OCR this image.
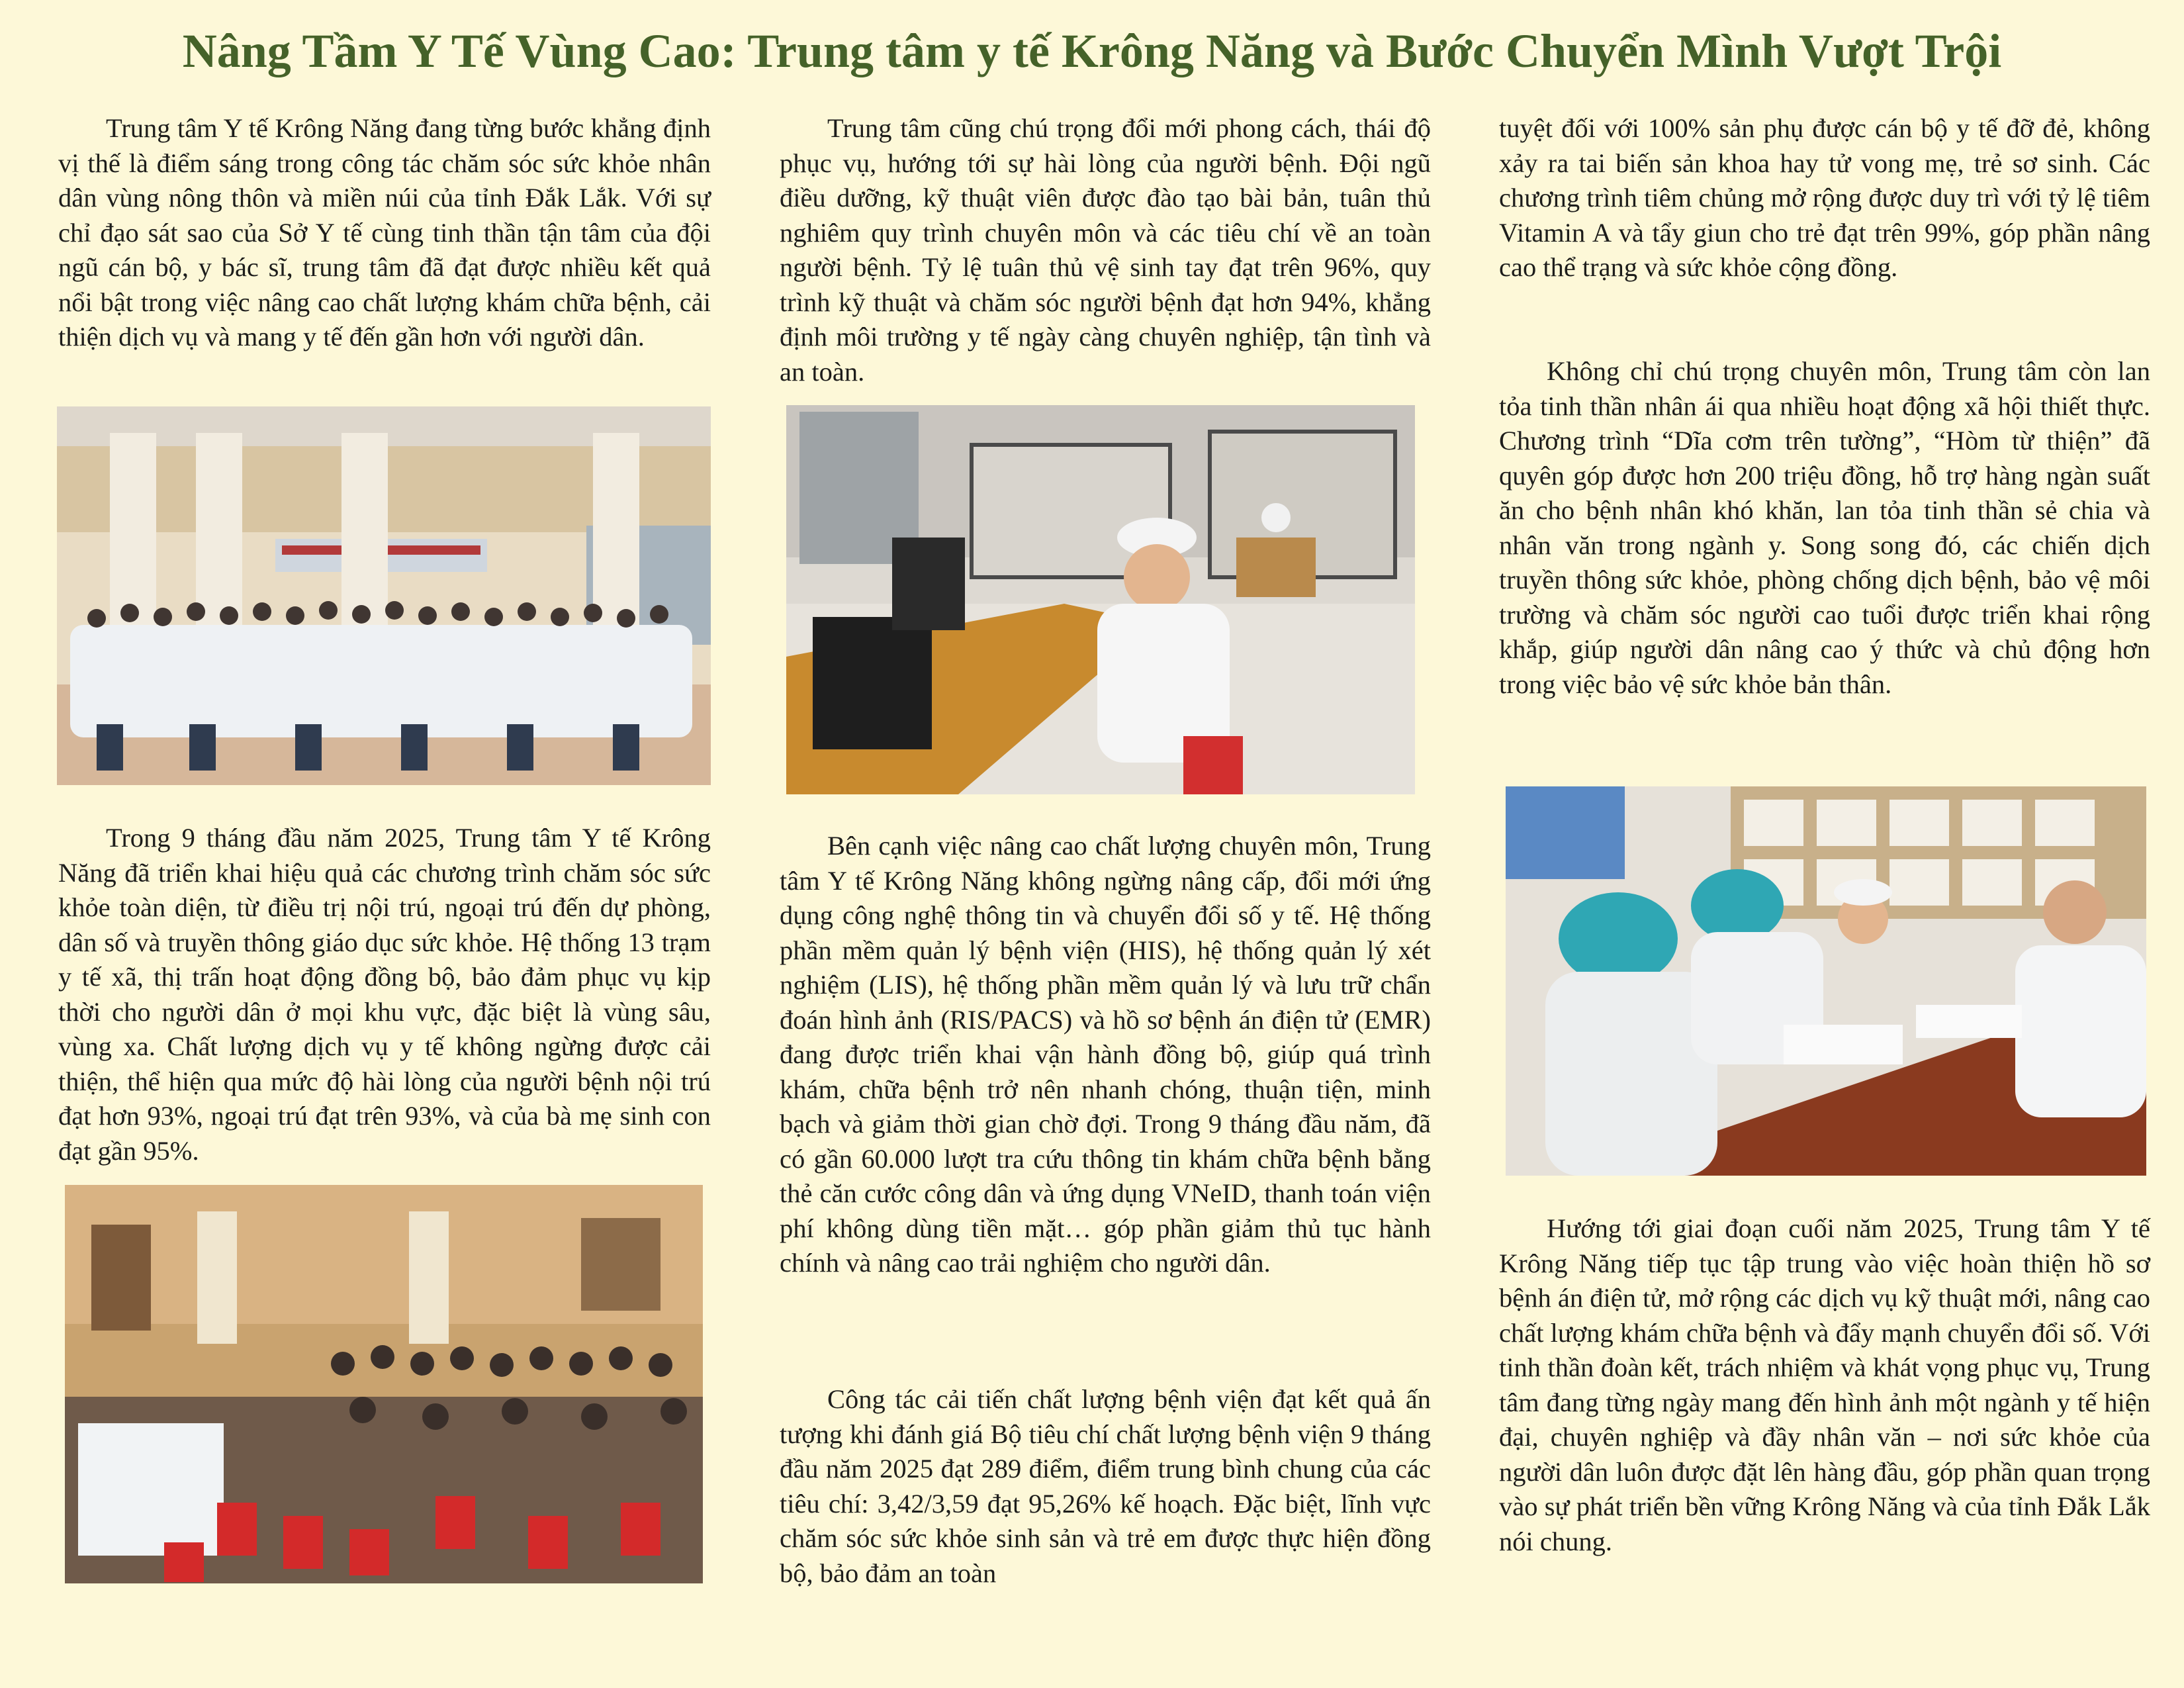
Nâng Tầm Y Tế Vùng Cao: Trung tâm y tế Krông Năng và Bước Chuyển Mình Vượt Trội

Trung tâm Y tế Krông Năng đang từng bước khẳng định vị thế là điểm sáng trong công tác chăm sóc sức khỏe nhân dân vùng nông thôn và miền núi của tỉnh Đắk Lắk. Với sự chỉ đạo sát sao của Sở Y tế cùng tinh thần tận tâm của đội ngũ cán bộ, y bác sĩ, trung tâm đã đạt được nhiều kết quả nổi bật trong việc nâng cao chất lượng khám chữa bệnh, cải thiện dịch vụ và mang y tế đến gần hơn với người dân.

Trong 9 tháng đầu năm 2025, Trung tâm Y tế Krông Năng đã triển khai hiệu quả các chương trình chăm sóc sức khỏe toàn diện, từ điều trị nội trú, ngoại trú đến dự phòng, dân số và truyền thông giáo dục sức khỏe. Hệ thống 13 trạm y tế xã, thị trấn hoạt động đồng bộ, bảo đảm phục vụ kịp thời cho người dân ở mọi khu vực, đặc biệt là vùng sâu, vùng xa. Chất lượng dịch vụ y tế không ngừng được cải thiện, thể hiện qua mức độ hài lòng của người bệnh nội trú đạt hơn 93%, ngoại trú đạt trên 93%, và của bà mẹ sinh con đạt gần 95%.

Trung tâm cũng chú trọng đổi mới phong cách, thái độ phục vụ, hướng tới sự hài lòng của người bệnh. Đội ngũ điều dưỡng, kỹ thuật viên được đào tạo bài bản, tuân thủ nghiêm quy trình chuyên môn và các tiêu chí về an toàn người bệnh. Tỷ lệ tuân thủ vệ sinh tay đạt trên 96%, quy trình kỹ thuật và chăm sóc người bệnh đạt hơn 94%, khẳng định môi trường y tế ngày càng chuyên nghiệp, tận tình và an toàn.

Bên cạnh việc nâng cao chất lượng chuyên môn, Trung tâm Y tế Krông Năng không ngừng nâng cấp, đổi mới ứng dụng công nghệ thông tin và chuyển đổi số y tế. Hệ thống phần mềm quản lý bệnh viện (HIS), hệ thống quản lý xét nghiệm (LIS), hệ thống phần mềm quản lý và lưu trữ chẩn đoán hình ảnh (RIS/PACS) và hồ sơ bệnh án điện tử (EMR) đang được triển khai vận hành đồng bộ, giúp quá trình khám, chữa bệnh trở nên nhanh chóng, thuận tiện, minh bạch và giảm thời gian chờ đợi. Trong 9 tháng đầu năm, đã có gần 60.000 lượt tra cứu thông tin khám chữa bệnh bằng thẻ căn cước công dân và ứng dụng VNeID, thanh toán viện phí không dùng tiền mặt… góp phần giảm thủ tục hành chính và nâng cao trải nghiệm cho người dân.

Công tác cải tiến chất lượng bệnh viện đạt kết quả ấn tượng khi đánh giá Bộ tiêu chí chất lượng bệnh viện 9 tháng đầu năm 2025 đạt 289 điểm, điểm trung bình chung của các tiêu chí: 3,42/3,59 đạt 95,26% kế hoạch. Đặc biệt, lĩnh vực chăm sóc sức khỏe sinh sản và trẻ em được thực hiện đồng bộ, bảo đảm an toàn

tuyệt đối với 100% sản phụ được cán bộ y tế đỡ đẻ, không xảy ra tai biến sản khoa hay tử vong mẹ, trẻ sơ sinh. Các chương trình tiêm chủng mở rộng được duy trì với tỷ lệ tiêm Vitamin A và tẩy giun cho trẻ đạt trên 99%, góp phần nâng cao thể trạng và sức khỏe cộng đồng.

Không chỉ chú trọng chuyên môn, Trung tâm còn lan tỏa tinh thần nhân ái qua nhiều hoạt động xã hội thiết thực. Chương trình “Dĩa cơm trên tường”, “Hòm từ thiện” đã quyên góp được hơn 200 triệu đồng, hỗ trợ hàng ngàn suất ăn cho bệnh nhân khó khăn, lan tỏa tinh thần sẻ chia và nhân văn trong ngành y. Song song đó, các chiến dịch truyền thông sức khỏe, phòng chống dịch bệnh, bảo vệ môi trường và chăm sóc người cao tuổi được triển khai rộng khắp, giúp người dân nâng cao ý thức và chủ động hơn trong việc bảo vệ sức khỏe bản thân.

Hướng tới giai đoạn cuối năm 2025, Trung tâm Y tế Krông Năng tiếp tục tập trung vào việc hoàn thiện hồ sơ bệnh án điện tử, mở rộng các dịch vụ kỹ thuật mới, nâng cao chất lượng khám chữa bệnh và đẩy mạnh chuyển đổi số. Với tinh thần đoàn kết, trách nhiệm và khát vọng phục vụ, Trung tâm đang từng ngày mang đến hình ảnh một ngành y tế hiện đại, chuyên nghiệp và đầy nhân văn – nơi sức khỏe của người dân luôn được đặt lên hàng đầu, góp phần quan trọng vào sự phát triển bền vững Krông Năng và của tỉnh Đắk Lắk nói chung.
